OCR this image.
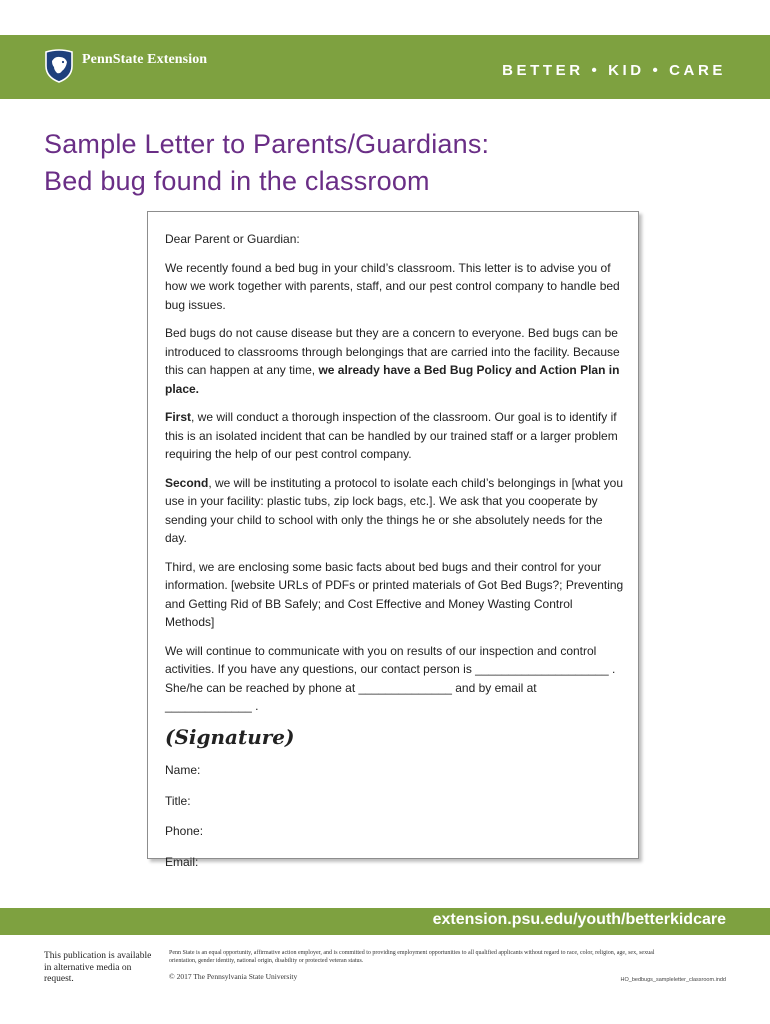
PennState Extension
BETTER • KID • CARE
Sample Letter to Parents/Guardians:
Bed bug found in the classroom

Dear Parent or Guardian:

We recently found a bed bug in your child’s classroom. This letter is to advise you of how we work together with parents, staff, and our pest control company to handle bed bug issues.

Bed bugs do not cause disease but they are a concern to everyone. Bed bugs can be introduced to classrooms through belongings that are carried into the facility. Because this can happen at any time, we already have a Bed Bug Policy and Action Plan in place.

First, we will conduct a thorough inspection of the classroom. Our goal is to identify if this is an isolated incident that can be handled by our trained staff or a larger problem requiring the help of our pest control company.

Second, we will be instituting a protocol to isolate each child’s belongings in [what you use in your facility: plastic tubs, zip lock bags, etc.]. We ask that you cooperate by sending your child to school with only the things he or she absolutely needs for the day.

Third, we are enclosing some basic facts about bed bugs and their control for your information. [website URLs of PDFs or printed materials of Got Bed Bugs?; Preventing and Getting Rid of BB Safely; and Cost Effective and Money Wasting Control Methods]

We will continue to communicate with you on results of our inspection and control activities. If you have any questions, our contact person is ____________________ . She/he can be reached by phone at ______________ and by email at _____________ .

(Signature)

Name:

Title:

Phone:

Email:

extension.psu.edu/youth/betterkidcare
This publication is available in alternative media on request.
Penn State is an equal opportunity, affirmative action employer, and is committed to providing employment opportunities to all qualified applicants without regard to race, color, religion, age, sex, sexual orientation, gender identity, national origin, disability or protected veteran status.
© 2017 The Pennsylvania State University	HO_bedbugs_sampleletter_classroom.indd
